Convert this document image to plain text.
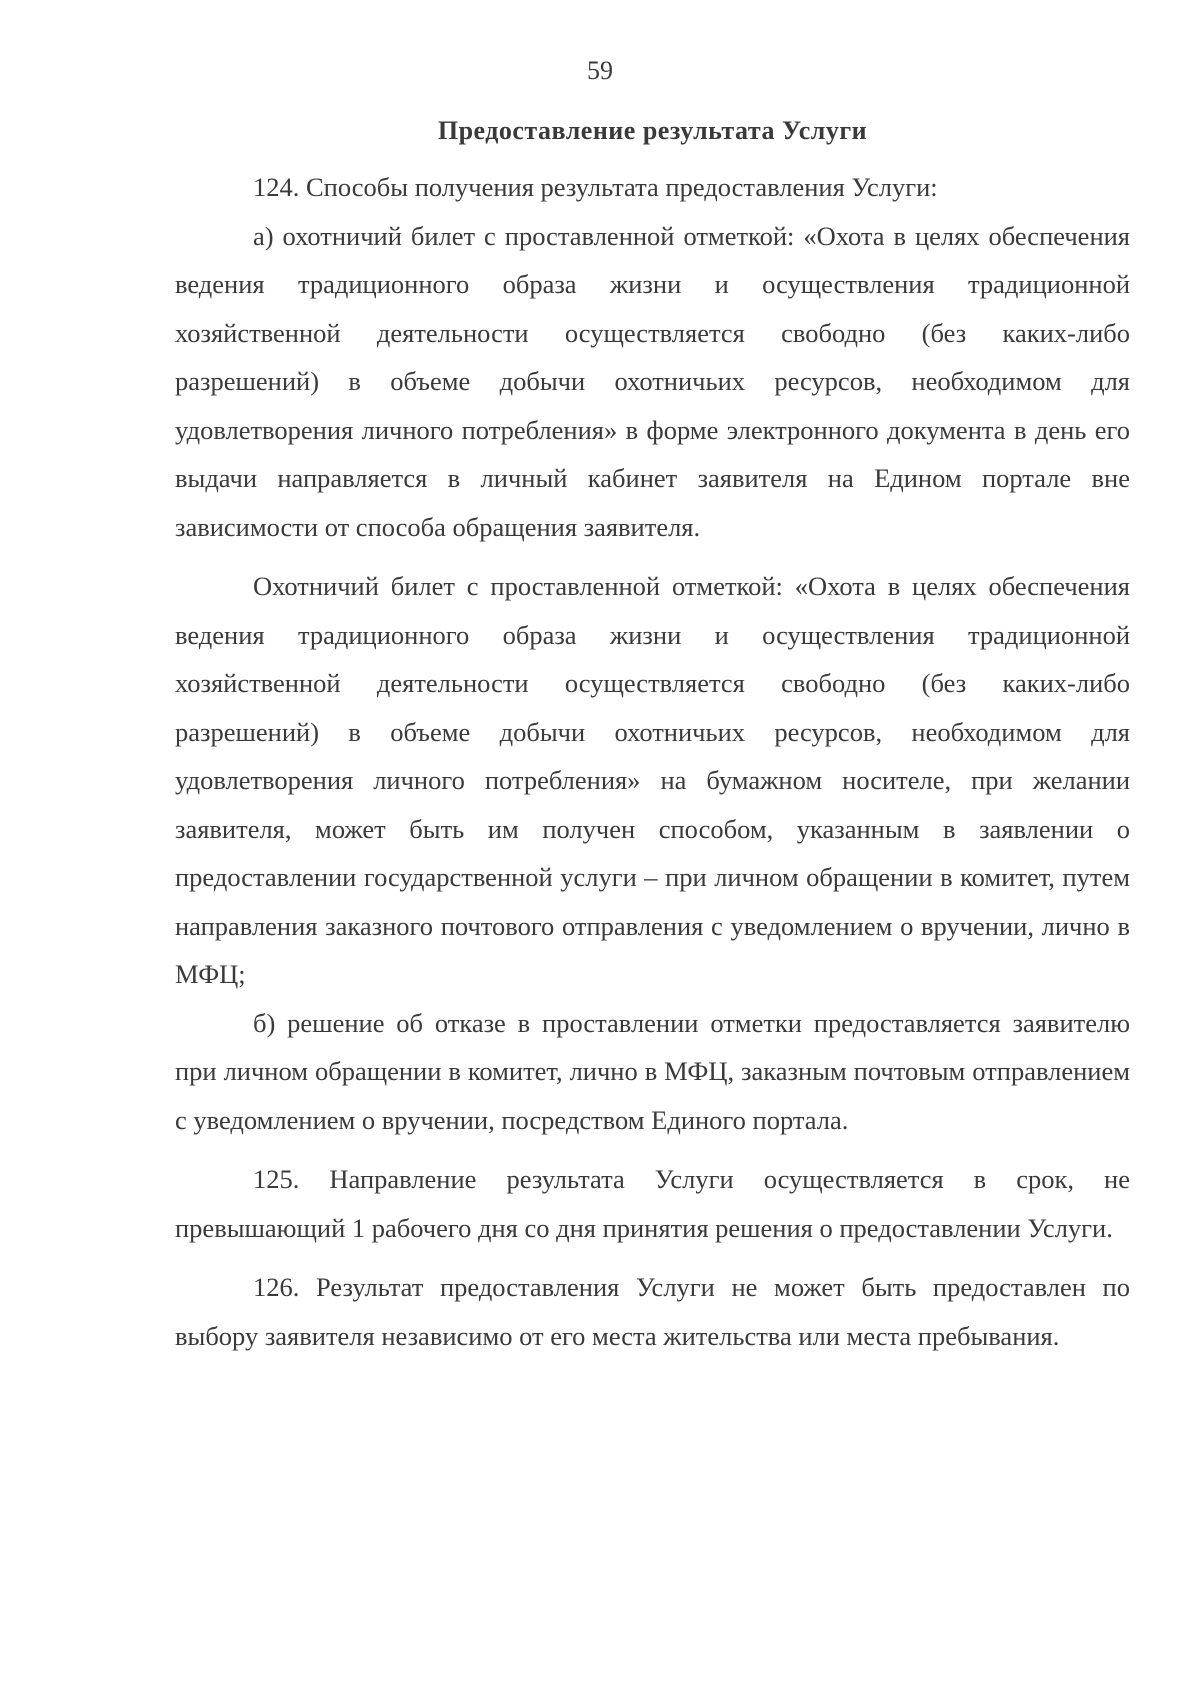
59
Предоставление результата Услуги

124. Способы получения результата предоставления Услуги:

а) охотничий билет с проставленной отметкой: «Охота в целях обеспечения ведения традиционного образа жизни и осуществления традиционной хозяйственной деятельности осуществляется свободно (без каких-либо разрешений) в объеме добычи охотничьих ресурсов, необходимом для удовлетворения личного потребления» в форме электронного документа в день его выдачи направляется в личный кабинет заявителя на Едином портале вне зависимости от способа обращения заявителя.

Охотничий билет с проставленной отметкой: «Охота в целях обеспечения ведения традиционного образа жизни и осуществления традиционной хозяйственной деятельности осуществляется свободно (без каких-либо разрешений) в объеме добычи охотничьих ресурсов, необходимом для удовлетворения личного потребления» на бумажном носителе, при желании заявителя, может быть им получен способом, указанным в заявлении о предоставлении государственной услуги – при личном обращении в комитет, путем направления заказного почтового отправления с уведомлением о вручении, лично в МФЦ;

б) решение об отказе в проставлении отметки предоставляется заявителю при личном обращении в комитет, лично в МФЦ, заказным почтовым отправлением с уведомлением о вручении, посредством Единого портала.

125. Направление результата Услуги осуществляется в срок, не превышающий 1 рабочего дня со дня принятия решения о предоставлении Услуги.

126. Результат предоставления Услуги не может быть предоставлен по выбору заявителя независимо от его места жительства или места пребывания.
